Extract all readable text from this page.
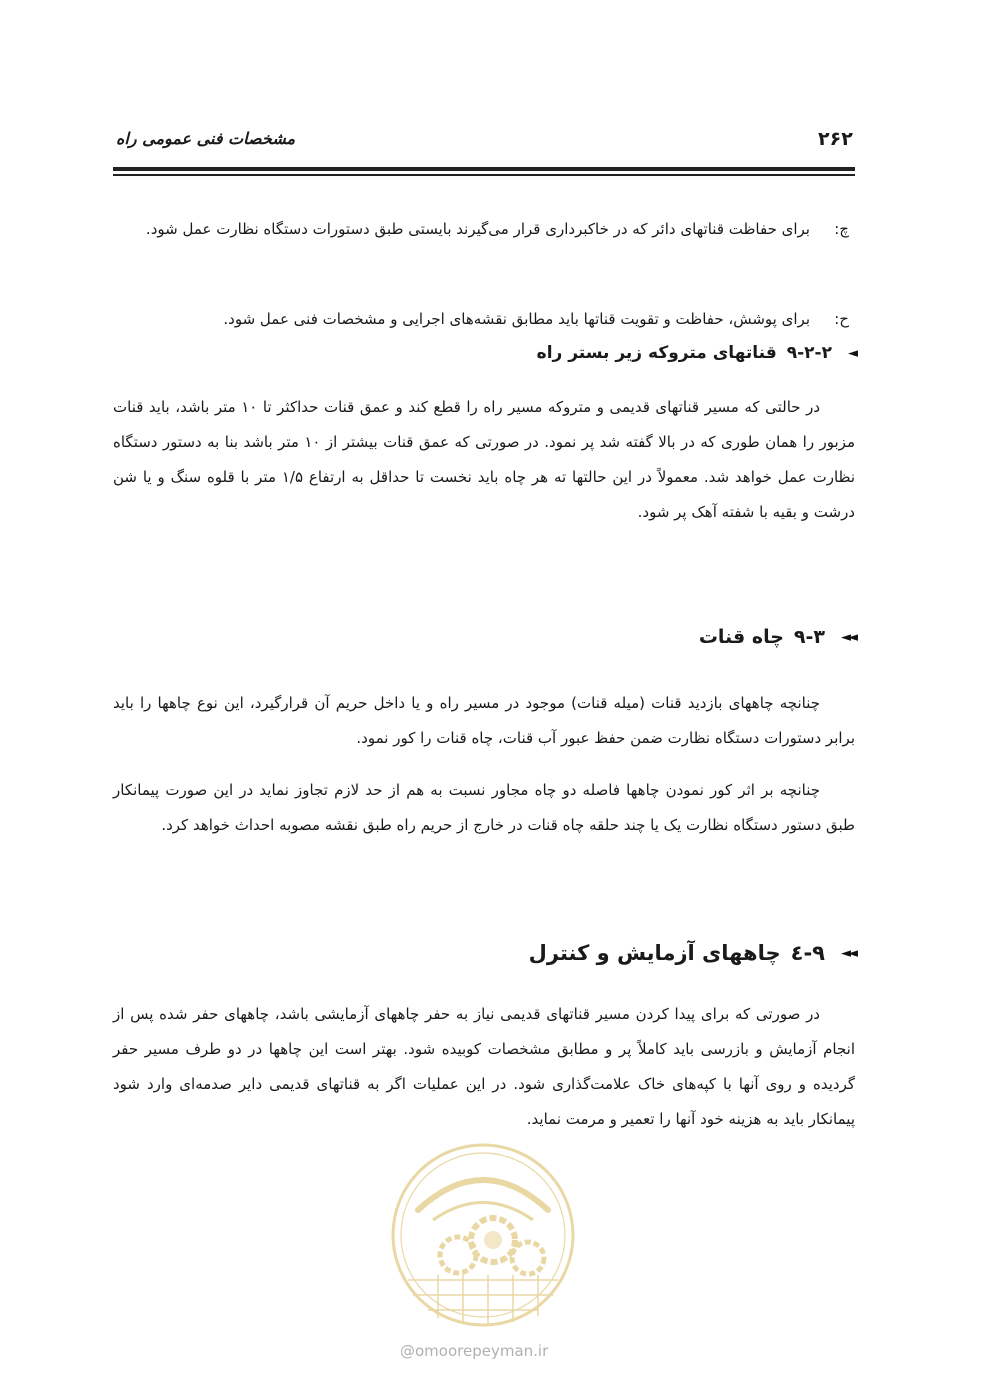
۲۶۲
مشخصات فنی عمومی راه
چ:
برای حفاظت قناتهای دائر که در خاکبرداری قرار می‌گیرند بایستی طبق دستورات دستگاه نظارت عمل شود.
ح:
برای پوشش، حفاظت و تقویت قناتها باید مطابق نقشه‌های اجرایی و مشخصات فنی عمل شود.
◄
۹-۲-۲
قناتهای متروکه زیر بستر راه
در حالتی که مسیر قناتهای قدیمی و متروکه مسیر راه را قطع کند و عمق قنات حداکثر تا ۱۰ متر باشد، باید قنات مزبور را همان طوری که در بالا گفته شد پر نمود. در صورتی که عمق قنات بیشتر از ۱۰ متر باشد بنا به دستور دستگاه نظارت عمل خواهد شد. معمولاً در این حالتها ته هر چاه باید نخست تا حداقل به ارتفاع ۱/۵ متر با قلوه سنگ و یا شن درشت و بقیه با شفته آهک پر شود.
◄◄
۹-۳
چاه قنات
چنانچه چاههای بازدید قنات (میله قنات) موجود در مسیر راه و یا داخل حریم آن قرارگیرد، این نوع چاهها را باید برابر دستورات دستگاه نظارت ضمن حفظ عبور آب قنات، چاه قنات را کور نمود.
چنانچه بر اثر کور نمودن چاهها فاصله دو چاه مجاور نسبت به هم از حد لازم تجاوز نماید در این صورت پیمانکار طبق دستور دستگاه نظارت یک یا چند حلقه چاه قنات در خارج از حریم راه طبق نقشه مصوبه احداث خواهد کرد.
◄◄
۹-٤
چاههای آزمایش و کنترل
در صورتی که برای پیدا کردن مسیر قناتهای قدیمی نیاز به حفر چاههای آزمایشی باشد، چاههای حفر شده پس از انجام آزمایش و بازرسی باید کاملاً پر و مطابق مشخصات کوبیده شود. بهتر است این چاهها در دو طرف مسیر حفر گردیده و روی آنها با کپه‌های خاک علامت‌گذاری شود. در این عملیات اگر به قناتهای قدیمی دایر صدمه‌ای وارد شود پیمانکار باید به هزینه خود آنها را تعمیر و مرمت نماید.
@omoorepeyman.ir
